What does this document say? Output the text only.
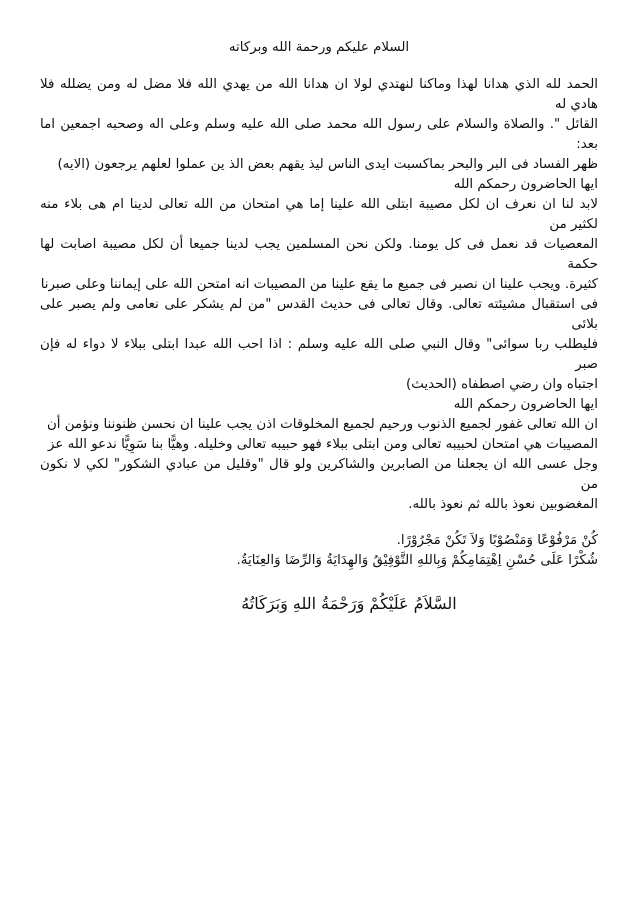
السلام عليكم ورحمة الله وبركاته
الحمد لله الذي هدانا لهذا وماكنا لنهتدي لولا ان هدانا الله من يهدي الله فلا مضل له ومن يضلله فلا هادي له
القائل ". والصلاة والسلام على رسول الله محمد صلى الله عليه وسلم وعلى اله وصحبه اجمعين اما بعد:
ظهر الفساد فى البر والبحر بماكسبت ايدى الناس ليذ يقهم بعض الذ ين عملوا لعلهم يرجعون (الايه)
ايها الحاضرون رحمكم الله
لابد لنا ان نعرف ان لكل مصيبة ابتلى الله علينا إما هي امتحان من الله تعالى لدينا ام هى بلاء منه لكثير من
المعصيات قد نعمل فى كل يومنا. ولكن نحن المسلمين يجب لدينا جميعا أن لكل مصيبة اصابت لها حكمة
كثيرة. ويجب علينا ان نصبر فى جميع ما يقع علينا من المصيبات انه امتحن الله على إيماننا وعلى صبرنا
فى استقبال مشيئته تعالى. وقال تعالى فى حديث القدس "من لم يشكر على نعامى ولم يصبر على بلائى
فليطلب ربا سوائى" وقال النبي صلى الله عليه وسلم : اذا احب الله عبدا ابتلى ببلاء لا دواء له فإن صبر
اجتباه وان رضي اصطفاه (الحديث)
ايها الحاضرون رحمكم الله
ان الله تعالى غفور لجميع الذنوب ورحيم لجميع المخلوقات اذن يجب علينا ان نحسن ظنوننا ونؤمن أن
المصيبات هي امتحان لحبيبه تعالى ومن ابتلى ببلاء فهو حبيبه تعالى وخليله. وهيًّا بنا سَوِيًّا ندعو الله عز
وجل عسى الله ان يجعلنا من الصابرين والشاكرين ولو قال "وقليل من عبادي الشكور" لكي لا نكون من
المغضوبين نعوذ بالله ثم نعوذ بالله.
كُنْ مَرْفُوْعًا وَمَنْصُوْبًا وَلاَ تَكُنْ مَجْرُوْرًا.
شُكْرًا عَلَى حُسْنِ اِهْتِمَامِكُمْ وَبِاللهِ التَّوْفِيْقُ وَالهِدَايَةُ وَالرِّضَا وَالعِنَايَةُ.
السَّلاَمُ عَلَيْكُمْ وَرَحْمَةُ اللهِ وَبَرَكَاتُهُ
